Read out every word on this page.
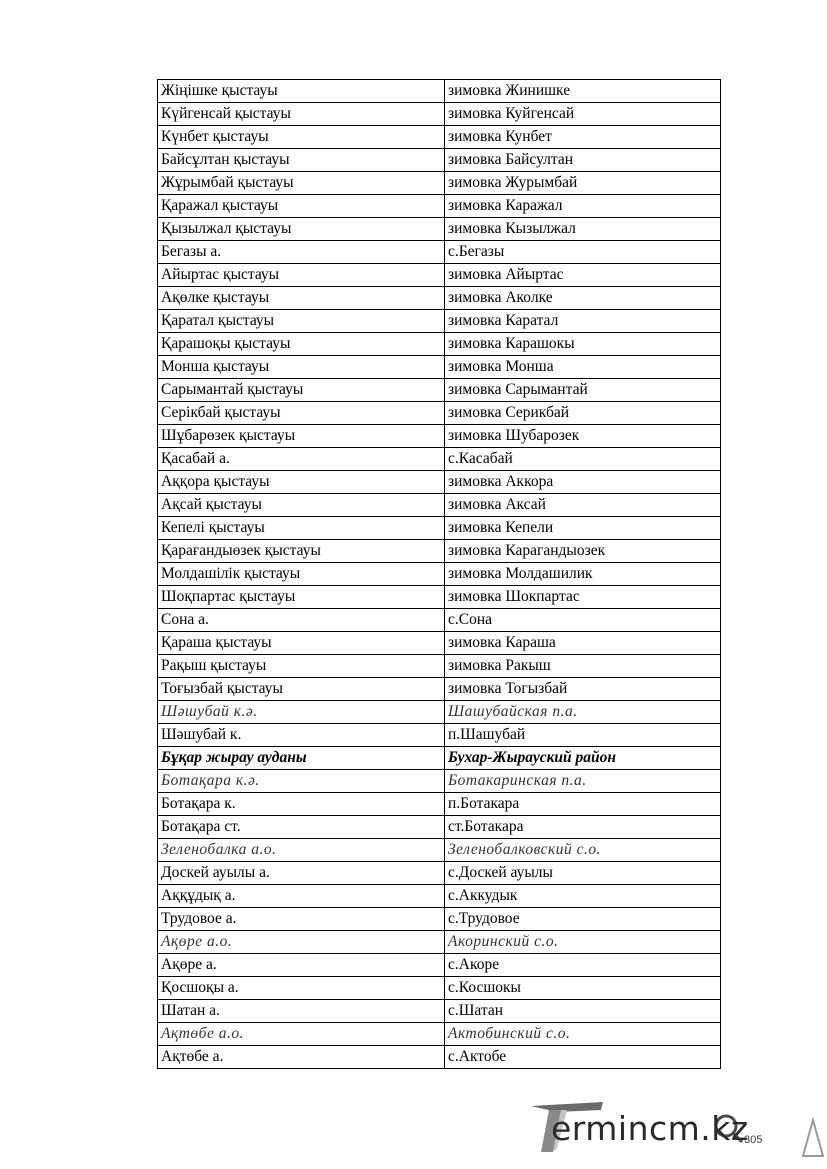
Жіңішке қыстауы	зимовка Жинишке
Күйгенсай қыстауы	зимовка Куйгенсай
Күнбет қыстауы	зимовка Кунбет
Байсұлтан қыстауы	зимовка Байсултан
Жұрымбай қыстауы	зимовка Журымбай
Қаражал қыстауы	зимовка Каражал
Қызылжал қыстауы	зимовка Кызылжал
Бегазы а.	с.Бегазы
Айыртас қыстауы	зимовка Айыртас
Ақөлке қыстауы	зимовка Аколке
Қаратал қыстауы	зимовка Каратал
Қарашоқы қыстауы	зимовка Карашокы
Монша қыстауы	зимовка Монша
Сарымантай қыстауы	зимовка Сарымантай
Серікбай қыстауы	зимовка Серикбай
Шұбарөзек қыстауы	зимовка Шубарозек
Қасабай а.	с.Касабай
Аққора қыстауы	зимовка Аккора
Ақсай қыстауы	зимовка Аксай
Кепелі қыстауы	зимовка Кепели
Қарағандыөзек қыстауы	зимовка Карагандыозек
Молдашілік қыстауы	зимовка Молдашилик
Шоқпартас қыстауы	зимовка Шокпартас
Сона а.	с.Сона
Қараша қыстауы	зимовка Караша
Рақыш қыстауы	зимовка Ракыш
Тоғызбай қыстауы	зимовка Тогызбай
Шәшубай к.ә.	Шашубайская п.а.
Шәшубай к.	п.Шашубай
Бұқар жырау ауданы	Бухар-Жырауский район
Ботақара к.ә.	Ботакаринская п.а.
Ботақара к.	п.Ботакара
Ботақара ст.	ст.Ботакара
Зеленобалка а.о.	Зеленобалковский с.о.
Доскей ауылы а.	с.Доскей ауылы
Аққұдық а.	с.Аккудык
Трудовое а.	с.Трудовое
Ақөре а.о.	Акоринский с.о.
Ақөре а.	с.Акоре
Қосшоқы а.	с.Косшокы
Шатан а.	с.Шатан
Ақтөбе а.о.	Актобинский с.о.
Ақтөбе а.	с.Актобе
ermincm.kz
305
